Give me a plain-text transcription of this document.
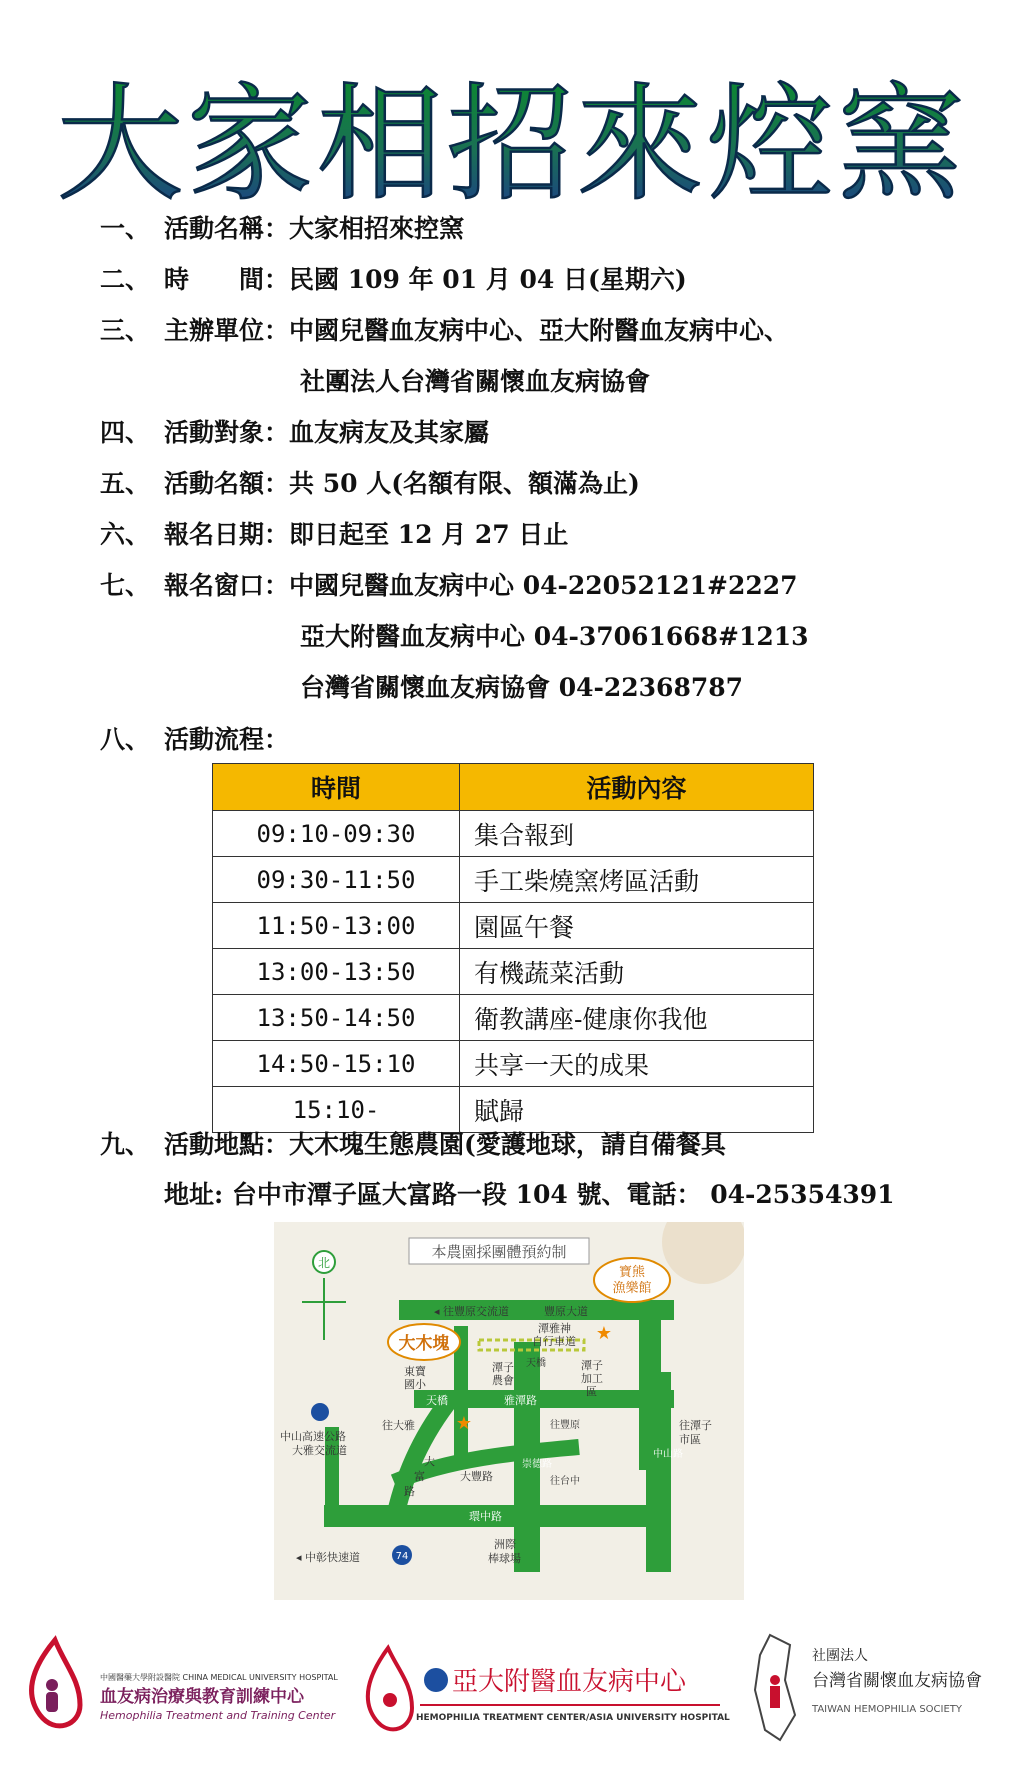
大家相招來焢窯
一、 活動名稱：大家相招來控窯
二、 時　　間：民國 109 年 01 月 04 日(星期六)
三、 主辦單位：中國兒醫血友病中心、亞大附醫血友病中心、
社團法人台灣省關懷血友病協會
四、 活動對象：血友病友及其家屬
五、 活動名額：共 50 人(名額有限、額滿為止)
六、 報名日期：即日起至 12 月 27 日止
七、 報名窗口：中國兒醫血友病中心 04-22052121#2227
亞大附醫血友病中心 04-37061668#1213
台灣省關懷血友病協會 04-22368787
八、 活動流程：
時間	活動內容
09:10-09:30	集合報到
09:30-11:50	手工柴燒窯烤區活動
11:50-13:00	園區午餐
13:00-13:50	有機蔬菜活動
13:50-14:50	衛教講座-健康你我他
14:50-15:10	共享一天的成果
15:10-	賦歸
九、 活動地點：大木塊生態農園(愛護地球，請自備餐具
地址: 台中市潭子區大富路一段 104 號、電話： 04-25354391
本農園採團體預約制
北
◂ 往豐原交流道	豐原大道
潭雅神
自行車道
天橋
潭子
農會
潭子
加工
區
東寶
國小
天橋	雅潭路
往大雅
中山高速公路
大雅交流道
大
富
路
崇德路
往豐原
往台中
往潭子
市區
中山路
大豐路
環中路
◂ 中彰快速道
洲際
棒球場
74
大木塊
★
寶熊
漁樂館
★
中國醫藥大學附設醫院 CHINA MEDICAL UNIVERSITY HOSPITAL
血友病治療與教育訓練中心
Hemophilia Treatment and Training Center
亞大附醫血友病中心
HEMOPHILIA TREATMENT CENTER/ASIA UNIVERSITY HOSPITAL
社團法人
台灣省關懷血友病協會
TAIWAN HEMOPHILIA SOCIETY
